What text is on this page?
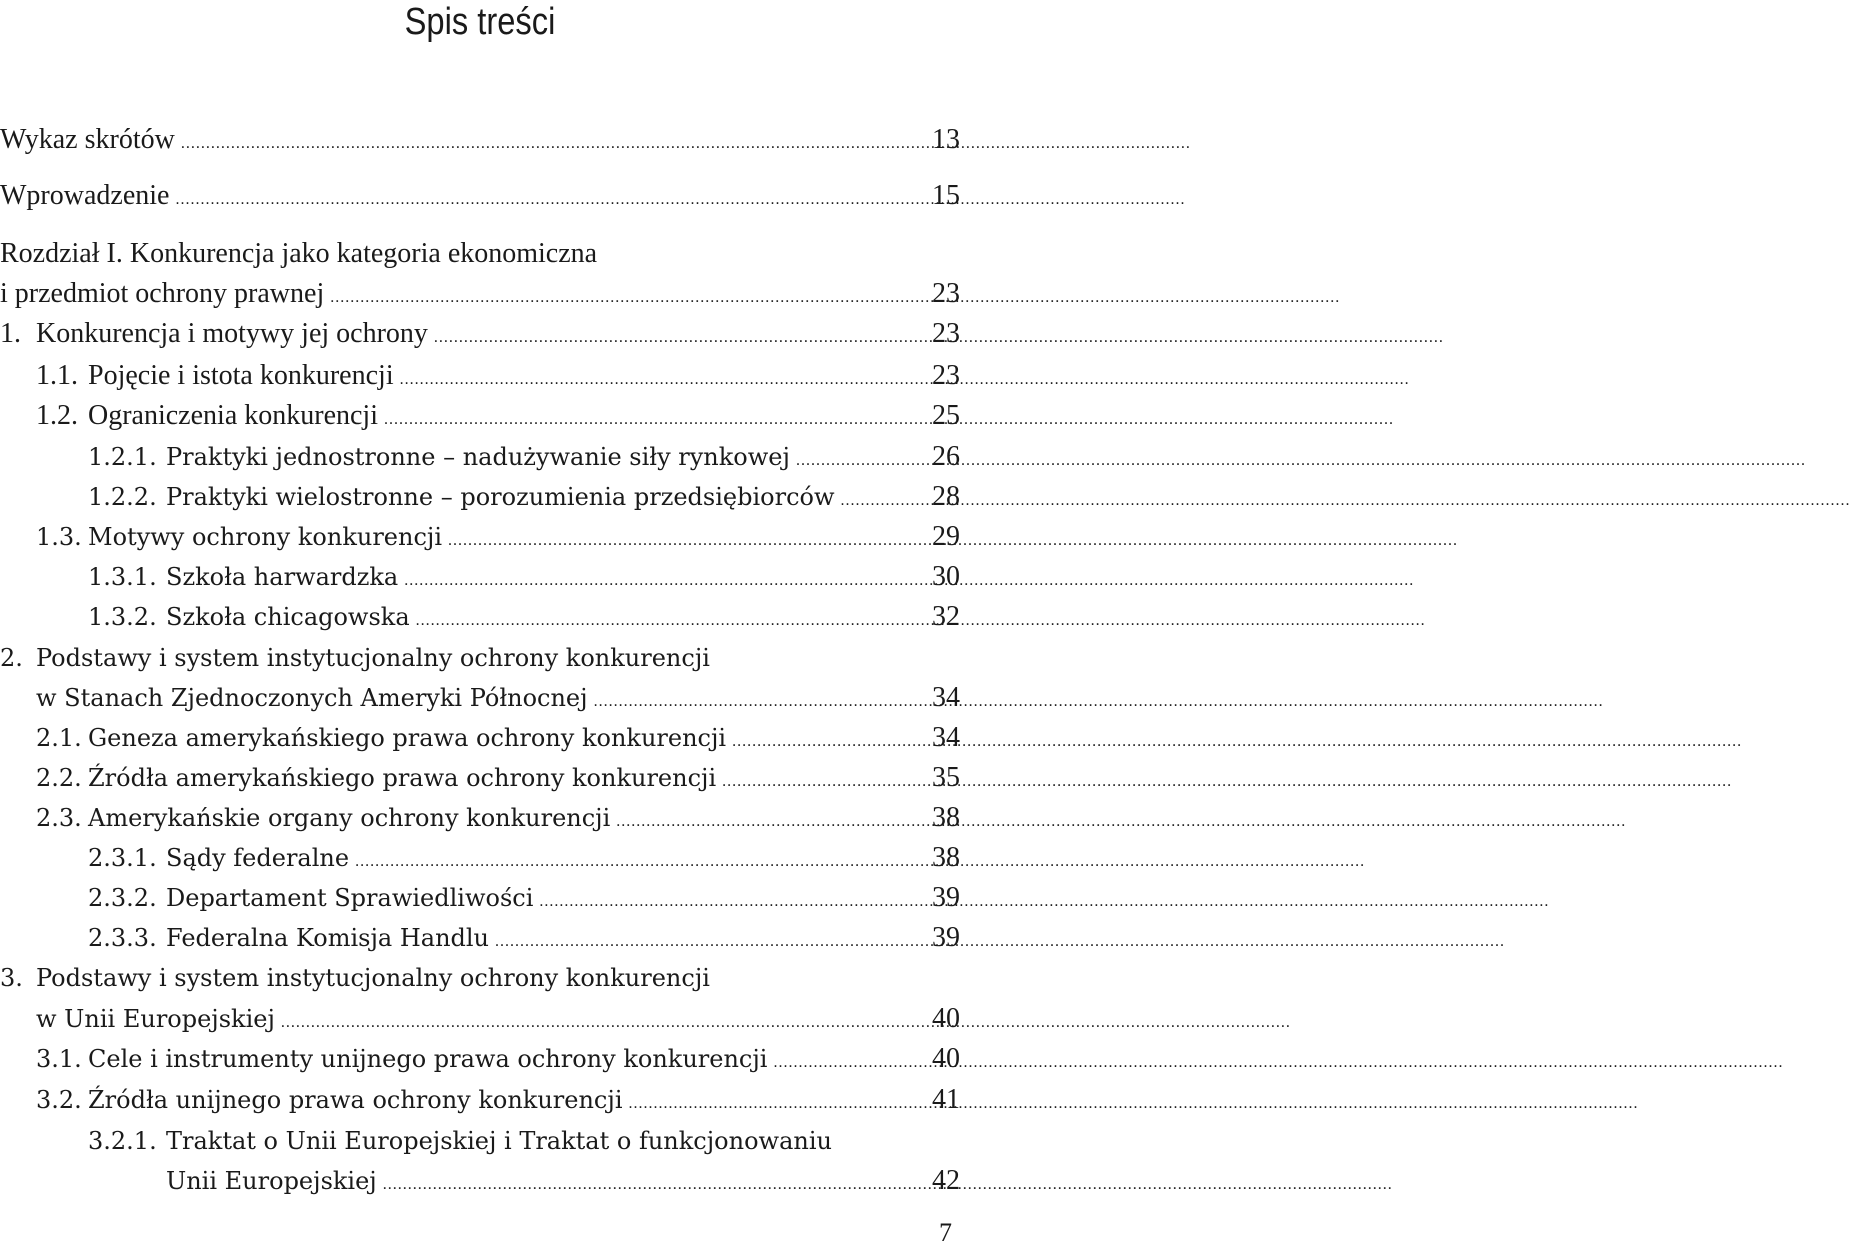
Spis treści
Wykaz skrótów .....	13
Wprowadzenie .....	15
Rozdział I. Konkurencja jako kategoria ekonomiczna
i przedmiot ochrony prawnej .....	23
1. Konkurencja i motywy jej ochrony .....	23
1.1. Pojęcie i istota konkurencji .....	23
1.2. Ograniczenia konkurencji .....	25
1.2.1. Praktyki jednostronne – nadużywanie siły rynkowej .....	26
1.2.2. Praktyki wielostronne – porozumienia przedsiębiorców .....	28
1.3. Motywy ochrony konkurencji .....	29
1.3.1. Szkoła harwardzka .....	30
1.3.2. Szkoła chicagowska .....	32
2. Podstawy i system instytucjonalny ochrony konkurencji
w Stanach Zjednoczonych Ameryki Północnej .....	34
2.1. Geneza amerykańskiego prawa ochrony konkurencji .....	34
2.2. Źródła amerykańskiego prawa ochrony konkurencji .....	35
2.3. Amerykańskie organy ochrony konkurencji .....	38
2.3.1. Sądy federalne .....	38
2.3.2. Departament Sprawiedliwości .....	39
2.3.3. Federalna Komisja Handlu .....	39
3. Podstawy i system instytucjonalny ochrony konkurencji
w Unii Europejskiej .....	40
3.1. Cele i instrumenty unijnego prawa ochrony konkurencji .....	40
3.2. Źródła unijnego prawa ochrony konkurencji .....	41
3.2.1. Traktat o Unii Europejskiej i Traktat o funkcjonowaniu
Unii Europejskiej .....	42
7
